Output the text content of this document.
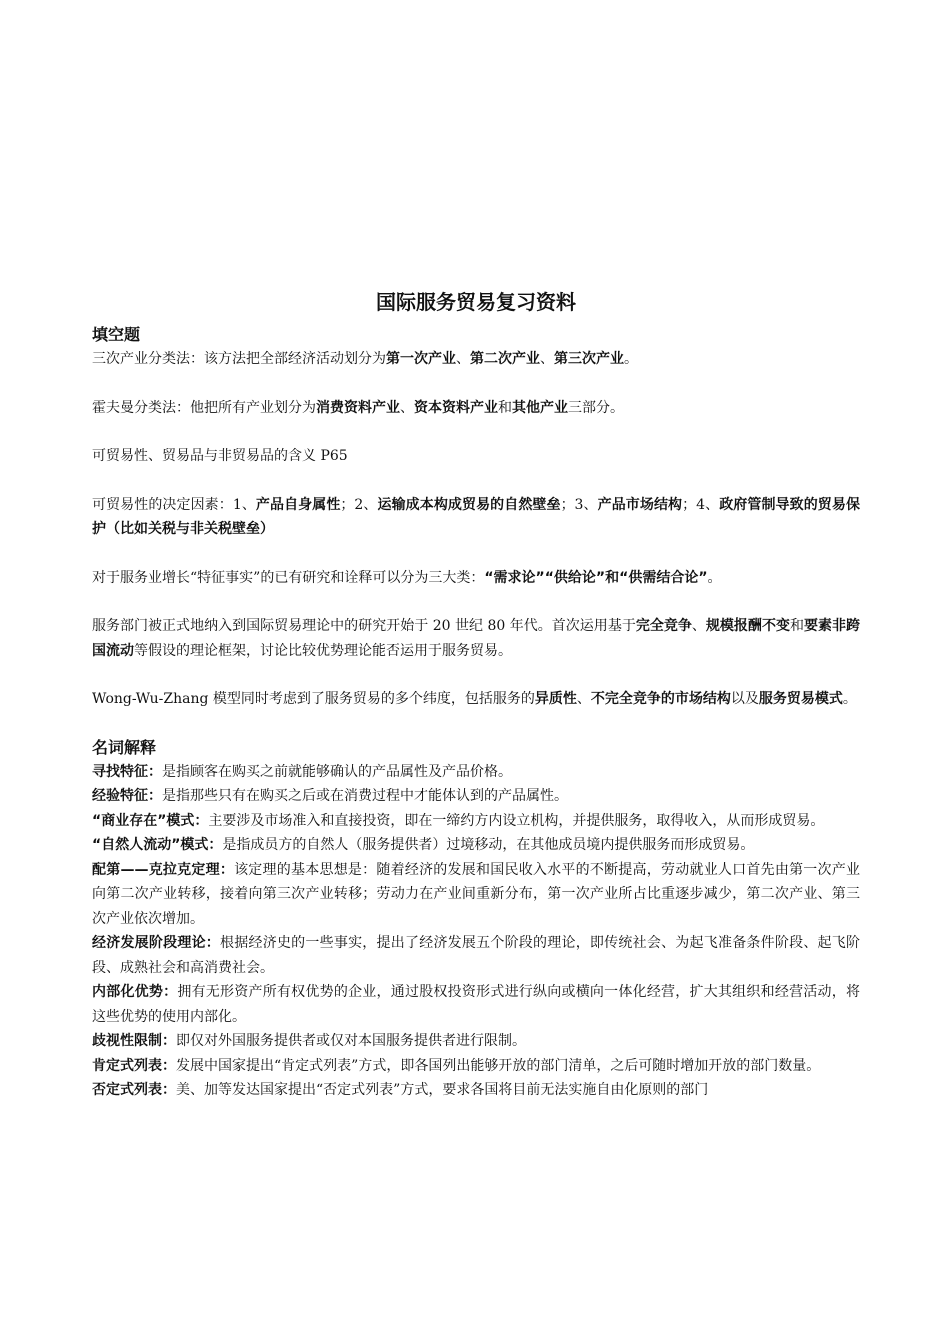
国际服务贸易复习资料
填空题
三次产业分类法：该方法把全部经济活动划分为第一次产业、第二次产业、第三次产业。
霍夫曼分类法：他把所有产业划分为消费资料产业、资本资料产业和其他产业三部分。
可贸易性、贸易品与非贸易品的含义 P65
可贸易性的决定因素：1、产品自身属性；2、运输成本构成贸易的自然壁垒；3、产品市场结构；4、政府管制导致的贸易保护（比如关税与非关税壁垒）
对于服务业增长“特征事实”的已有研究和诠释可以分为三大类：“需求论”“供给论”和“供需结合论”。
服务部门被正式地纳入到国际贸易理论中的研究开始于 20 世纪 80 年代。首次运用基于完全竞争、规模报酬不变和要素非跨国流动等假设的理论框架，讨论比较优势理论能否运用于服务贸易。
Wong-Wu-Zhang 模型同时考虑到了服务贸易的多个纬度，包括服务的异质性、不完全竞争的市场结构以及服务贸易模式。
名词解释
寻找特征：是指顾客在购买之前就能够确认的产品属性及产品价格。
经验特征：是指那些只有在购买之后或在消费过程中才能体认到的产品属性。
“商业存在”模式：主要涉及市场准入和直接投资，即在一缔约方内设立机构，并提供服务，取得收入，从而形成贸易。
“自然人流动”模式：是指成员方的自然人（服务提供者）过境移动，在其他成员境内提供服务而形成贸易。
配第——克拉克定理：该定理的基本思想是：随着经济的发展和国民收入水平的不断提高，劳动就业人口首先由第一次产业向第二次产业转移，接着向第三次产业转移；劳动力在产业间重新分布，第一次产业所占比重逐步减少，第二次产业、第三次产业依次增加。
经济发展阶段理论：根据经济史的一些事实，提出了经济发展五个阶段的理论，即传统社会、为起飞准备条件阶段、起飞阶段、成熟社会和高消费社会。
内部化优势：拥有无形资产所有权优势的企业，通过股权投资形式进行纵向或横向一体化经营，扩大其组织和经营活动，将这些优势的使用内部化。
歧视性限制：即仅对外国服务提供者或仅对本国服务提供者进行限制。
肯定式列表：发展中国家提出“肯定式列表”方式，即各国列出能够开放的部门清单，之后可随时增加开放的部门数量。
否定式列表：美、加等发达国家提出“否定式列表”方式，要求各国将目前无法实施自由化原则的部门
